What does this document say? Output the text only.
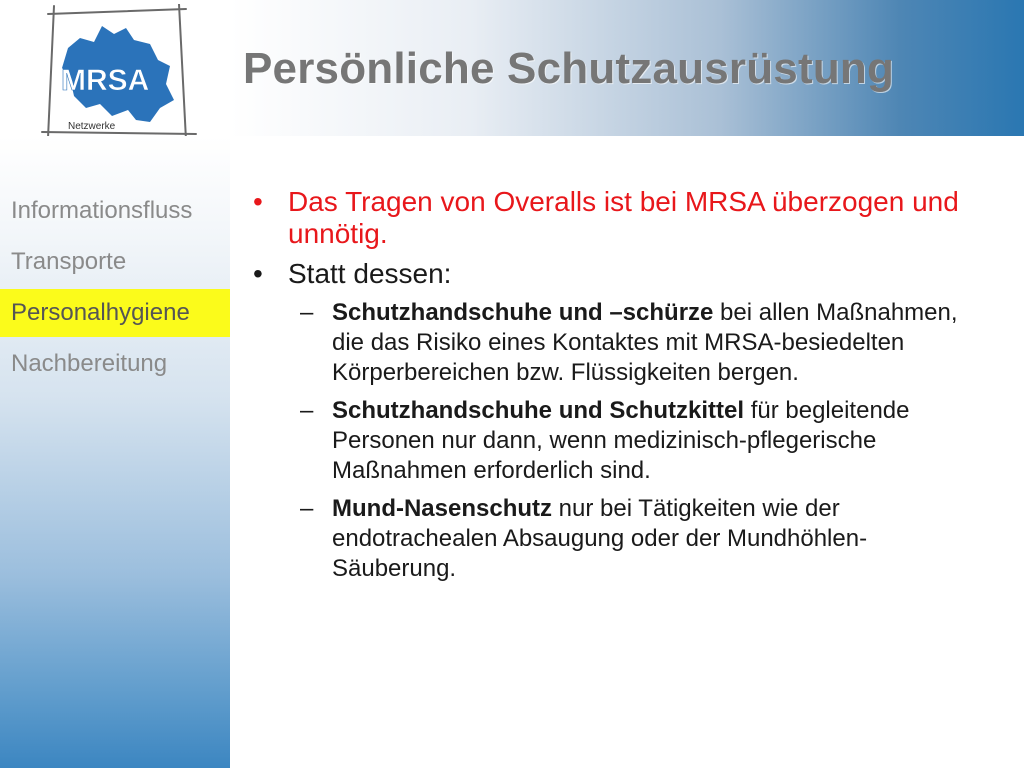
MRSA
Netzwerke
Persönliche Schutzausrüstung
Informationsfluss
Transporte
Personalhygiene
Nachbereitung
• Das Tragen von Overalls ist bei MRSA überzogen und unnötig.
• Statt dessen:
– Schutzhandschuhe und –schürze bei allen Maßnahmen, die das Risiko eines Kontaktes mit MRSA-besiedelten Körperbereichen bzw. Flüssigkeiten bergen.
– Schutzhandschuhe und Schutzkittel für begleitende Personen nur dann, wenn medizinisch-pflegerische Maßnahmen erforderlich sind.
– Mund-Nasenschutz nur bei Tätigkeiten wie der endotrachealen Absaugung oder der Mundhöhlen-Säuberung.
